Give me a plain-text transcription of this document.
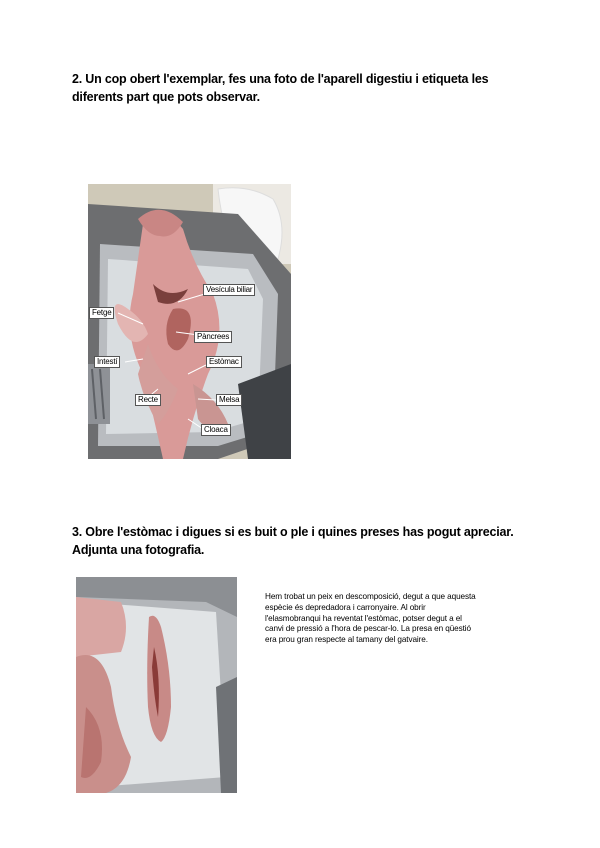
2. Un cop obert l'exemplar, fes una foto de l'aparell digestiu i etiqueta les
diferents part que pots observar.
Vesícula biliar
Fetge
Pàncrees
Intestí	Estòmac
Recte	Melsa
Cloaca
3. Obre l'estòmac i digues si es buit o ple i quines preses has pogut apreciar.
Adjunta una fotografia.
Hem trobat un peix en descomposició, degut a que aquesta
espècie és depredadora i carronyaire. Al obrir
l'elasmobranqui ha reventat l'estòmac, potser degut a el
canvi de pressió a l'hora de pescar-lo. La presa en qüestió
era prou gran respecte al tamany del gatvaire.
